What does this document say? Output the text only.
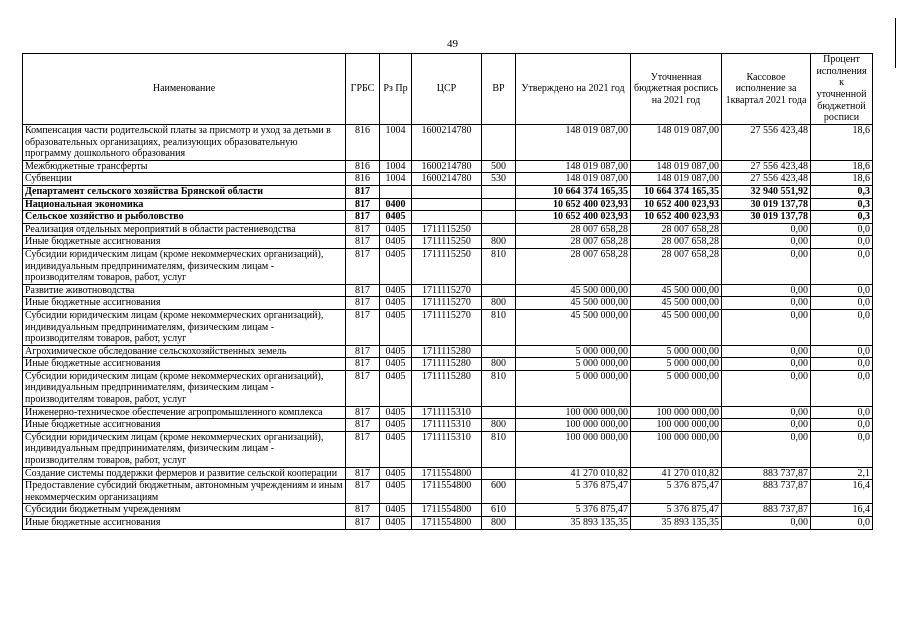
49
Наименование	ГРБС	Рз Пр	ЦСР	ВР	Утверждено на 2021 год	Уточненная бюджетная роспись на 2021 год	Кассовое исполнение за 1квартал 2021 года	Процент исполнения к уточненной бюджетной росписи
Компенсация части родительской платы за присмотр и уход за детьми в образовательных организациях, реализующих образовательную программу дошкольного образования	816	1004	1600214780		148 019 087,00	148 019 087,00	27 556 423,48	18,6
Межбюджетные трансферты	816	1004	1600214780	500	148 019 087,00	148 019 087,00	27 556 423,48	18,6
Субвенции	816	1004	1600214780	530	148 019 087,00	148 019 087,00	27 556 423,48	18,6
Департамент сельского хозяйства Брянской области	817				10 664 374 165,35	10 664 374 165,35	32 940 551,92	0,3
Национальная экономика	817	0400			10 652 400 023,93	10 652 400 023,93	30 019 137,78	0,3
Сельское хозяйство и рыболовство	817	0405			10 652 400 023,93	10 652 400 023,93	30 019 137,78	0,3
Реализация отдельных мероприятий в области растениеводства	817	0405	1711115250		28 007 658,28	28 007 658,28	0,00	0,0
Иные бюджетные ассигнования	817	0405	1711115250	800	28 007 658,28	28 007 658,28	0,00	0,0
Субсидии юридическим лицам (кроме некоммерческих организаций), индивидуальным предпринимателям, физическим лицам - производителям товаров, работ, услуг	817	0405	1711115250	810	28 007 658,28	28 007 658,28	0,00	0,0
Развитие животноводства	817	0405	1711115270		45 500 000,00	45 500 000,00	0,00	0,0
Иные бюджетные ассигнования	817	0405	1711115270	800	45 500 000,00	45 500 000,00	0,00	0,0
Субсидии юридическим лицам (кроме некоммерческих организаций), индивидуальным предпринимателям, физическим лицам - производителям товаров, работ, услуг	817	0405	1711115270	810	45 500 000,00	45 500 000,00	0,00	0,0
Агрохимическое обследование сельскохозяйственных земель	817	0405	1711115280		5 000 000,00	5 000 000,00	0,00	0,0
Иные бюджетные ассигнования	817	0405	1711115280	800	5 000 000,00	5 000 000,00	0,00	0,0
Субсидии юридическим лицам (кроме некоммерческих организаций), индивидуальным предпринимателям, физическим лицам - производителям товаров, работ, услуг	817	0405	1711115280	810	5 000 000,00	5 000 000,00	0,00	0,0
Инженерно-техническое обеспечение агропромышленного комплекса	817	0405	1711115310		100 000 000,00	100 000 000,00	0,00	0,0
Иные бюджетные ассигнования	817	0405	1711115310	800	100 000 000,00	100 000 000,00	0,00	0,0
Субсидии юридическим лицам (кроме некоммерческих организаций), индивидуальным предпринимателям, физическим лицам - производителям товаров, работ, услуг	817	0405	1711115310	810	100 000 000,00	100 000 000,00	0,00	0,0
Создание системы поддержки фермеров и развитие сельской кооперации	817	0405	1711554800		41 270 010,82	41 270 010,82	883 737,87	2,1
Предоставление субсидий бюджетным, автономным учреждениям и иным некоммерческим организациям	817	0405	1711554800	600	5 376 875,47	5 376 875,47	883 737,87	16,4
Субсидии бюджетным учреждениям	817	0405	1711554800	610	5 376 875,47	5 376 875,47	883 737,87	16,4
Иные бюджетные ассигнования	817	0405	1711554800	800	35 893 135,35	35 893 135,35	0,00	0,0
